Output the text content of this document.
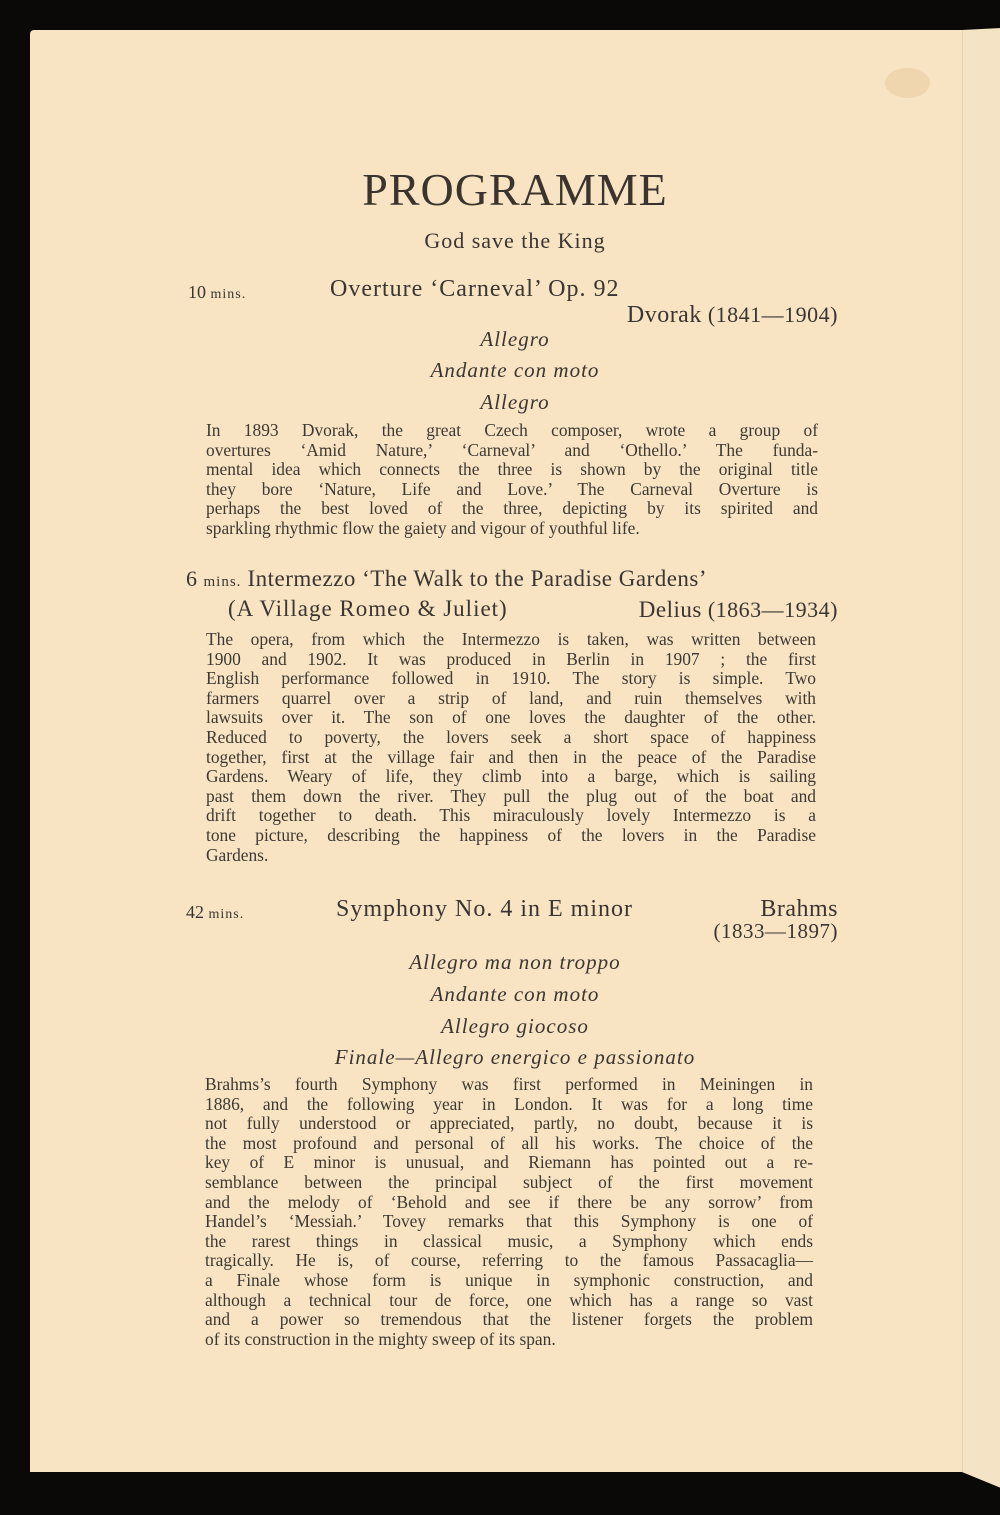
PROGRAMME
God save the King
10 mins.	Overture ‘Carneval’ Op. 92
Dvorak (1841—1904)
Allegro
Andante con moto
Allegro
In 1893 Dvorak, the great Czech composer, wrote a group of
overtures ‘Amid Nature,’ ‘Carneval’ and ‘Othello.’ The funda-
mental idea which connects the three is shown by the original title
they bore ‘Nature, Life and Love.’ The Carneval Overture is
perhaps the best loved of the three, depicting by its spirited and
sparkling rhythmic flow the gaiety and vigour of youthful life.
6 mins. Intermezzo ‘The Walk to the Paradise Gardens’
(A Village Romeo & Juliet)	Delius (1863—1934)
The opera, from which the Intermezzo is taken, was written between
1900 and 1902. It was produced in Berlin in 1907 ; the first
English performance followed in 1910. The story is simple. Two
farmers quarrel over a strip of land, and ruin themselves with
lawsuits over it. The son of one loves the daughter of the other.
Reduced to poverty, the lovers seek a short space of happiness
together, first at the village fair and then in the peace of the Paradise
Gardens. Weary of life, they climb into a barge, which is sailing
past them down the river. They pull the plug out of the boat and
drift together to death. This miraculously lovely Intermezzo is a
tone picture, describing the happiness of the lovers in the Paradise
Gardens.
42 mins.	Symphony No. 4 in E minor	Brahms
(1833—1897)
Allegro ma non troppo
Andante con moto
Allegro giocoso
Finale—Allegro energico e passionato
Brahms’s fourth Symphony was first performed in Meiningen in
1886, and the following year in London. It was for a long time
not fully understood or appreciated, partly, no doubt, because it is
the most profound and personal of all his works. The choice of the
key of E minor is unusual, and Riemann has pointed out a re-
semblance between the principal subject of the first movement
and the melody of ‘Behold and see if there be any sorrow’ from
Handel’s ‘Messiah.’ Tovey remarks that this Symphony is one of
the rarest things in classical music, a Symphony which ends
tragically. He is, of course, referring to the famous Passacaglia—
a Finale whose form is unique in symphonic construction, and
although a technical tour de force, one which has a range so vast
and a power so tremendous that the listener forgets the problem
of its construction in the mighty sweep of its span.
